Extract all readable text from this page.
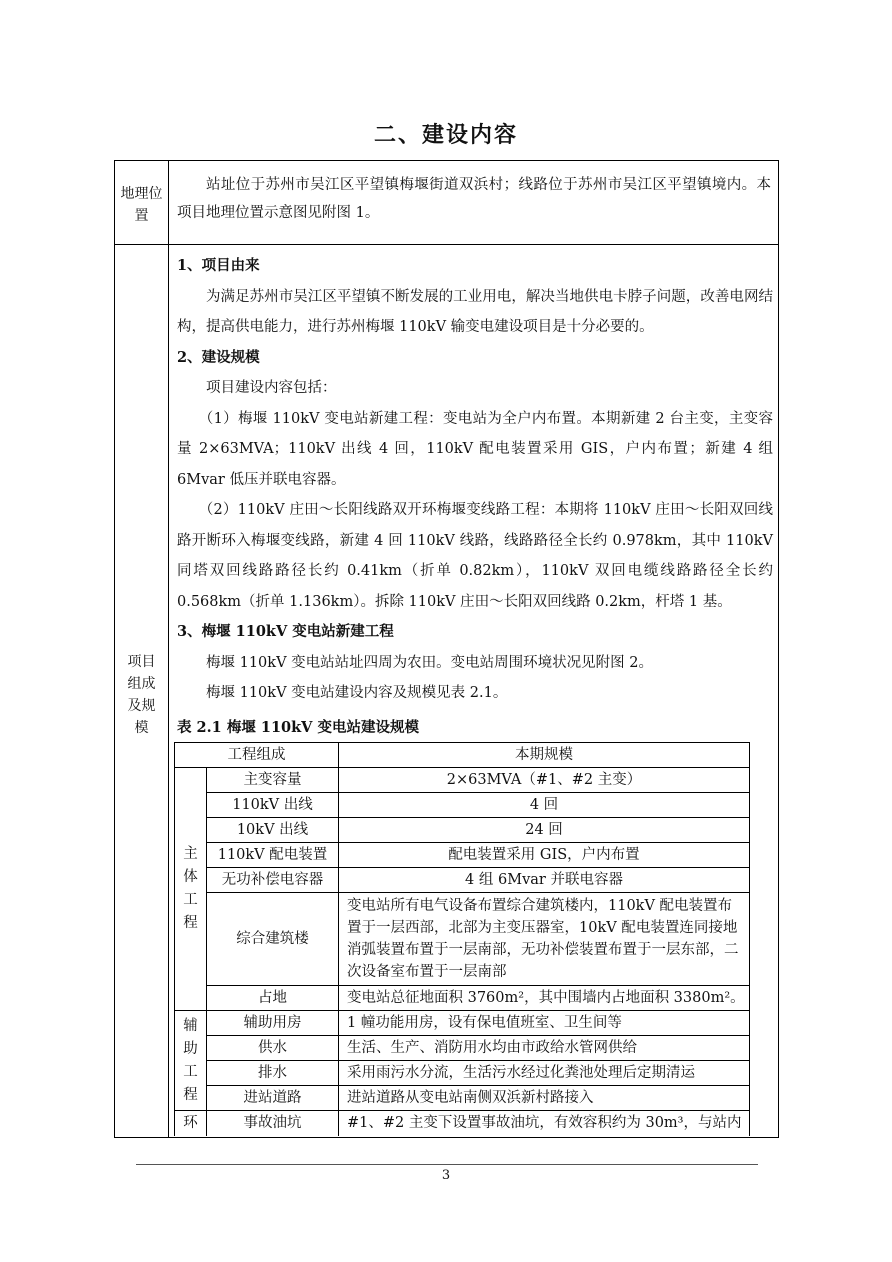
二、建设内容
地理位置
站址位于苏州市吴江区平望镇梅堰街道双浜村；线路位于苏州市吴江区平望镇境内。本项目地理位置示意图见附图 1。
项目组成及规模

1、项目由来

为满足苏州市吴江区平望镇不断发展的工业用电，解决当地供电卡脖子问题，改善电网结构，提高供电能力，进行苏州梅堰 110kV 输变电建设项目是十分必要的。

2、建设规模

项目建设内容包括：

（1）梅堰 110kV 变电站新建工程：变电站为全户内布置。本期新建 2 台主变，主变容量 2×63MVA；110kV 出线 4 回，110kV 配电装置采用 GIS，户内布置；新建 4 组 6Mvar 低压并联电容器。

（2）110kV 庄田～长阳线路双开环梅堰变线路工程：本期将 110kV 庄田～长阳双回线路开断环入梅堰变线路，新建 4 回 110kV 线路，线路路径全长约 0.978km，其中 110kV 同塔双回线路路径长约 0.41km（折单 0.82km），110kV 双回电缆线路路径全长约 0.568km（折单 1.136km）。拆除 110kV 庄田～长阳双回线路 0.2km，杆塔 1 基。

3、梅堰 110kV 变电站新建工程

梅堰 110kV 变电站站址四周为农田。变电站周围环境状况见附图 2。

梅堰 110kV 变电站建设内容及规模见表 2.1。

表 2.1 梅堰 110kV 变电站建设规模

工程组成		本期规模
主体工程	主变容量	2×63MVA（#1、#2 主变）
	110kV 出线	4 回
	10kV 出线	24 回
	110kV 配电装置	配电装置采用 GIS，户内布置
	无功补偿电容器	4 组 6Mvar 并联电容器
	综合建筑楼	变电站所有电气设备布置综合建筑楼内，110kV 配电装置布置于一层西部，北部为主变压器室，10kV 配电装置连同接地消弧装置布置于一层南部，无功补偿装置布置于一层东部，二次设备室布置于一层南部
	占地	变电站总征地面积 3760m²，其中围墙内占地面积 3380m²。
辅助工程	辅助用房	1 幢功能用房，设有保电值班室、卫生间等
	供水	生活、生产、消防用水均由市政给水管网供给
	排水	采用雨污水分流，生活污水经过化粪池处理后定期清运
	进站道路	进站道路从变电站南侧双浜新村路接入
环	事故油坑	#1、#2 主变下设置事故油坑，有效容积约为 30m³，与站内
3
